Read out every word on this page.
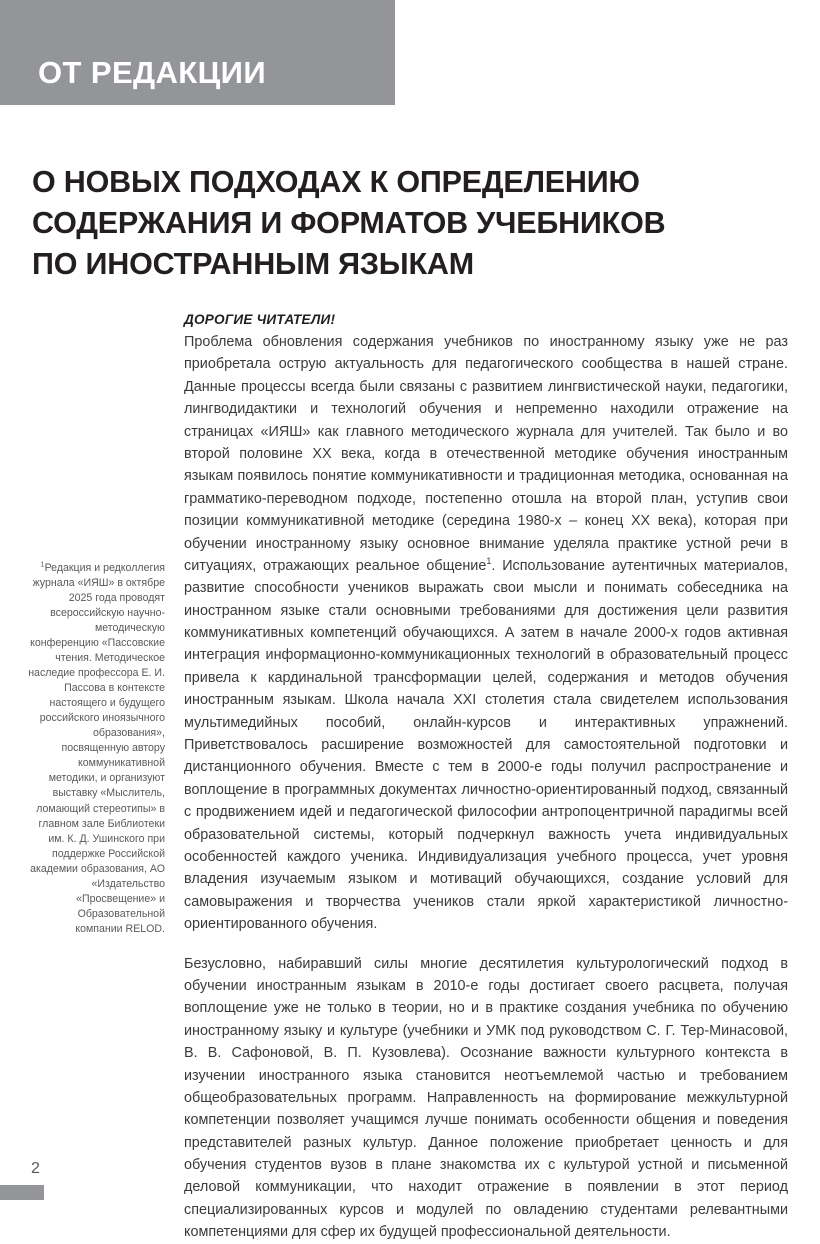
ОТ РЕДАКЦИИ
О НОВЫХ ПОДХОДАХ К ОПРЕДЕЛЕНИЮ
СОДЕРЖАНИЯ И ФОРМАТОВ УЧЕБНИКОВ
ПО ИНОСТРАННЫМ ЯЗЫКАМ
$^1$Редакция и редколлегия журнала «ИЯШ» в октябре 2025 года проводят всероссийскую научно-методическую конференцию «Пассовские чтения. Методическое наследие профессора Е. И. Пассова в контексте настоящего и будущего российского иноязычного образования», посвященную автору коммуникативной методики, и организуют выставку «Мыслитель, ломающий стереотипы» в главном зале Библиотеки им. К. Д. Ушинского при поддержке Российской академии образования, АО «Издательство «Просвещение» и Образовательной компании RELOD.

ДОРОГИЕ ЧИТАТЕЛИ!

Проблема обновления содержания учебников по иностранному языку уже не раз приобретала острую актуальность для педагогического сообщества в нашей стране. Данные процессы всегда были связаны с развитием лингвистической науки, педагогики, лингводидактики и технологий обучения и непременно находили отражение на страницах «ИЯШ» как главного методического журнала для учителей. Так было и во второй половине XX века, когда в отечественной методике обучения иностранным языкам появилось понятие коммуникативности и традиционная методика, основанная на грамматико-переводном подходе, постепенно отошла на второй план, уступив свои позиции коммуникативной методике (середина 1980-х – конец XX века), которая при обучении иностранному языку основное внимание уделяла практике устной речи в ситуациях, отражающих реальное общение$^1$. Использование аутентичных материалов, развитие способности учеников выражать свои мысли и понимать собеседника на иностранном языке стали основными требованиями для достижения цели развития коммуникативных компетенций обучающихся. А затем в начале 2000-х годов активная интеграция информационно-коммуникационных технологий в образовательный процесс привела к кардинальной трансформации целей, содержания и методов обучения иностранным языкам. Школа начала XXI столетия стала свидетелем использования мультимедийных пособий, онлайн-курсов и интерактивных упражнений. Приветствовалось расширение возможностей для самостоятельной подготовки и дистанционного обучения. Вместе с тем в 2000-е годы получил распространение и воплощение в программных документах личностно-ориентированный подход, связанный с продвижением идей и педагогической философии антропоцентричной парадигмы всей образовательной системы, который подчеркнул важность учета индивидуальных особенностей каждого ученика. Индивидуализация учебного процесса, учет уровня владения изучаемым языком и мотиваций обучающихся, создание условий для самовыражения и творчества учеников стали яркой характеристикой личностно-ориентированного обучения.

Безусловно, набиравший силы многие десятилетия культурологический подход в обучении иностранным языкам в 2010-е годы достигает своего расцвета, получая воплощение уже не только в теории, но и в практике создания учебника по обучению иностранному языку и культуре (учебники и УМК под руководством С. Г. Тер-Минасовой, В. В. Сафоновой, В. П. Кузовлева). Осознание важности культурного контекста в изучении иностранного языка становится неотъемлемой частью и требованием общеобразовательных программ. Направленность на формирование межкультурной компетенции позволяет учащимся лучше понимать особенности общения и поведения представителей разных культур. Данное положение приобретает ценность и для обучения студентов вузов в плане знакомства их с культурой устной и письменной деловой коммуникации, что находит отражение в появлении в этот период специализированных курсов и модулей по овладению студентами релевантными компетенциями для сфер их будущей профессиональной деятельности.

2
